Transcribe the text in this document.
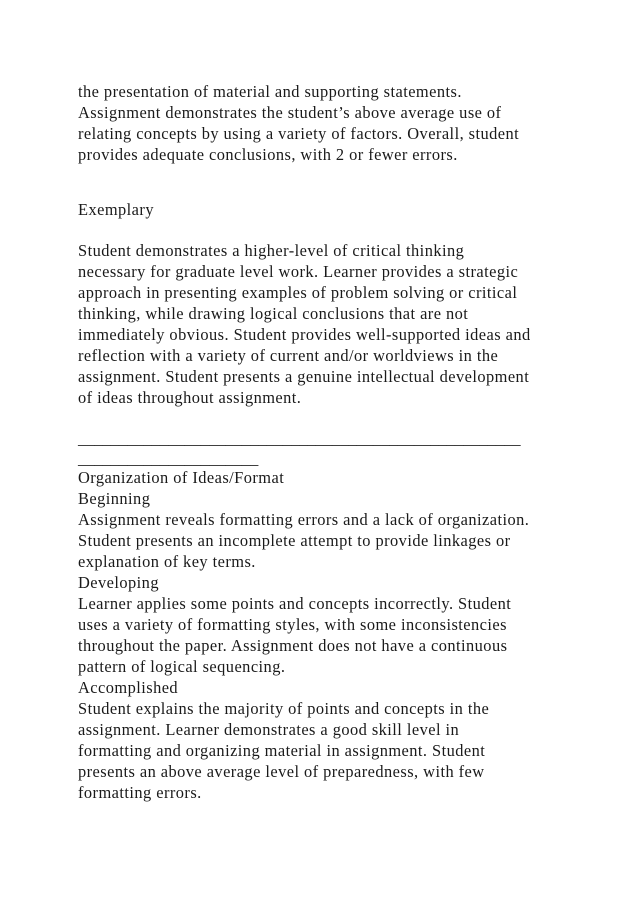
the presentation of material and supporting statements.
Assignment demonstrates the student’s above average use of
relating concepts by using a variety of factors. Overall, student
provides adequate conclusions, with 2 or fewer errors.
Exemplary
Student demonstrates a higher-level of critical thinking
necessary for graduate level work. Learner provides a strategic
approach in presenting examples of problem solving or critical
thinking, while drawing logical conclusions that are not
immediately obvious. Student provides well-supported ideas and
reflection with a variety of current and/or worldviews in the
assignment. Student presents a genuine intellectual development
of ideas throughout assignment.
______________________________________________________
______________________
Organization of Ideas/Format
Beginning
Assignment reveals formatting errors and a lack of organization.
Student presents an incomplete attempt to provide linkages or
explanation of key terms.
Developing
Learner applies some points and concepts incorrectly. Student
uses a variety of formatting styles, with some inconsistencies
throughout the paper. Assignment does not have a continuous
pattern of logical sequencing.
Accomplished
Student explains the majority of points and concepts in the
assignment. Learner demonstrates a good skill level in
formatting and organizing material in assignment. Student
presents an above average level of preparedness, with few
formatting errors.
